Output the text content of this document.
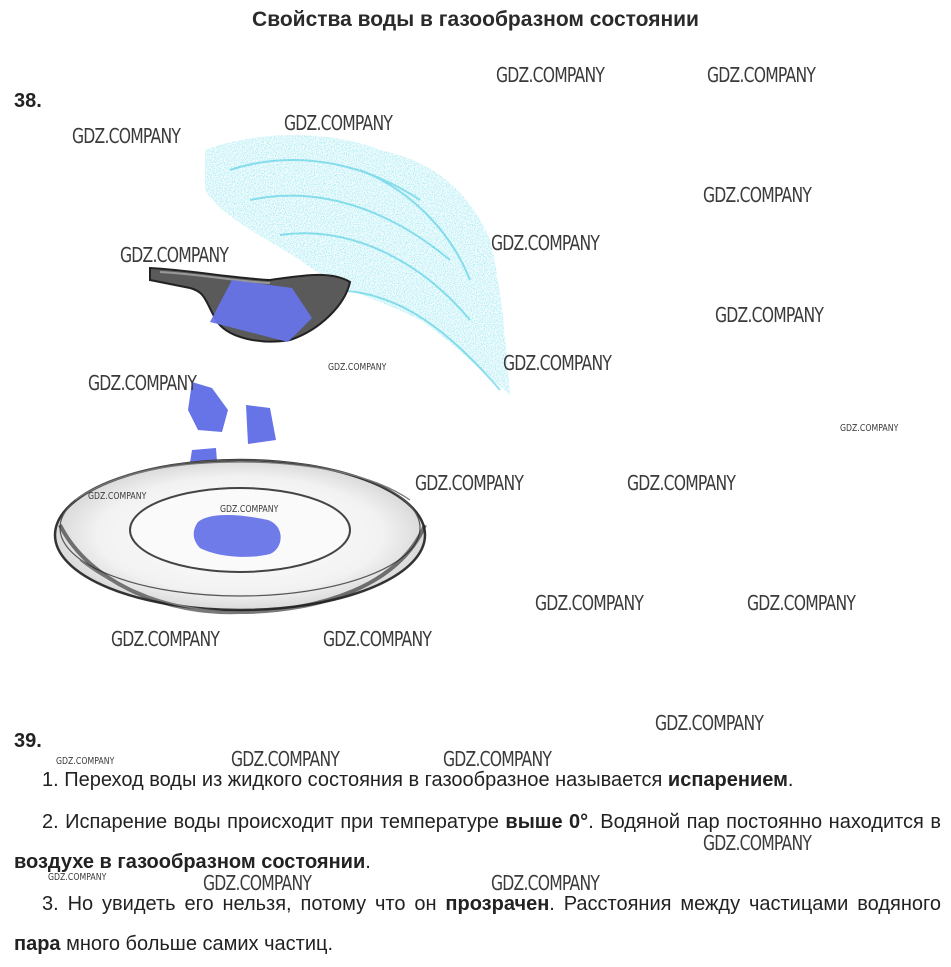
Свойства воды в газообразном состоянии
38.
GDZ.COMPANY	GDZ.COMPANY
GDZ.COMPANY
GDZ.COMPANY
GDZ.COMPANY
GDZ.COMPANY	GDZ.COMPANY
GDZ.COMPANY
GDZ.COMPANY
GDZ.COMPANY
GDZ.COMPANY
GDZ.COMPANY
GDZ.COMPANY	GDZ.COMPANY
GDZ.COMPANY
GDZ.COMPANY
GDZ.COMPANY	GDZ.COMPANY
GDZ.COMPANY	GDZ.COMPANY
GDZ.COMPANY
GDZ.COMPANY	GDZ.COMPANY	GDZ.COMPANY
GDZ.COMPANY
GDZ.COMPANY	GDZ.COMPANY	GDZ.COMPANY
39.
1. Переход воды из жидкого состояния в газообразное называется испарением.
2. Испарение воды происходит при температуре выше 0°. Водяной пар постоянно находится в воздухе в газообразном состоянии.
3. Но увидеть его нельзя, потому что он прозрачен. Расстояния между частицами водяного пара много больше самих частиц.
